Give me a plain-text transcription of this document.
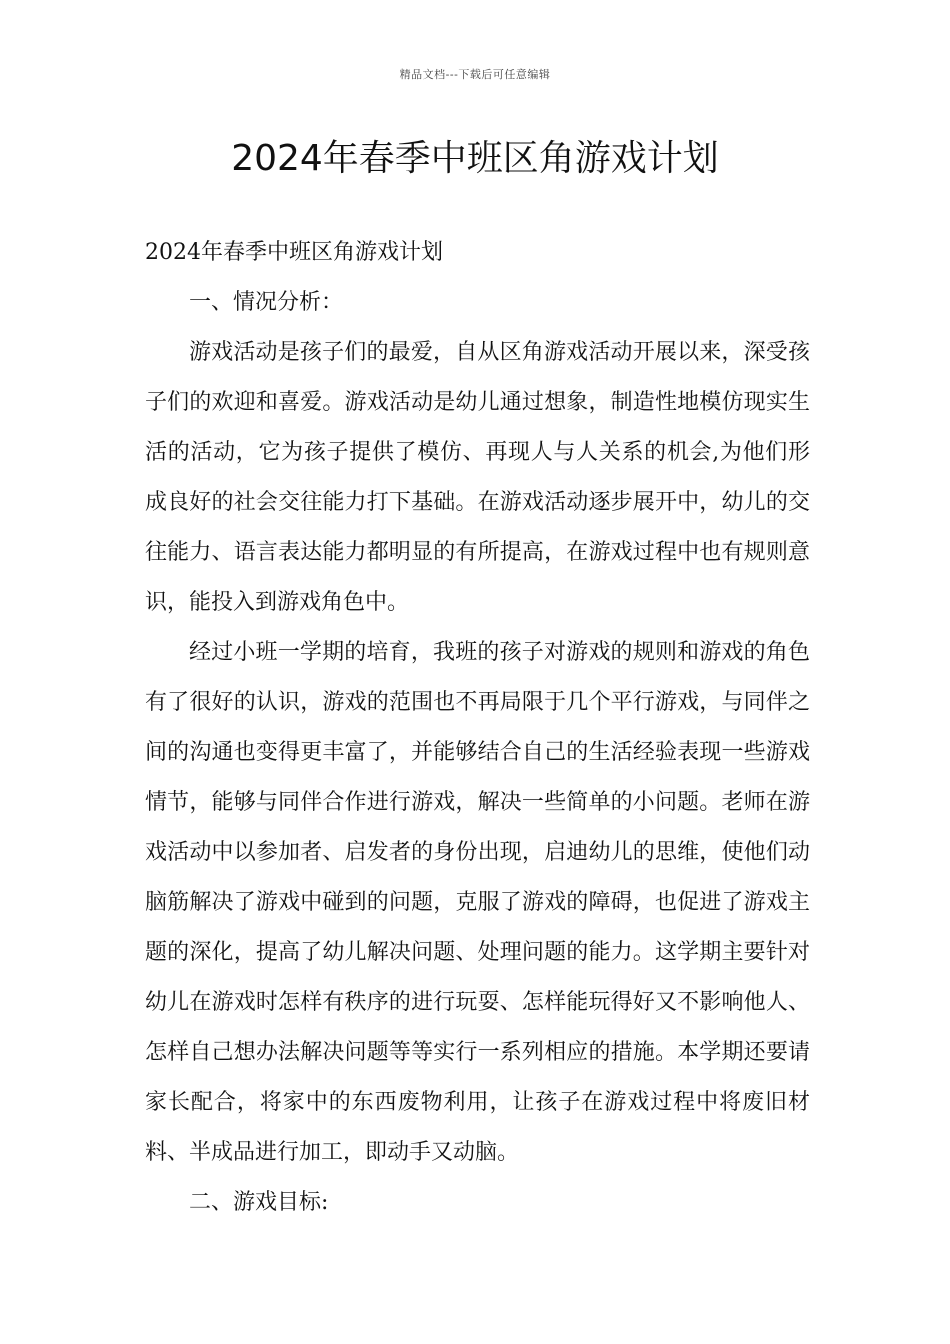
精品文档---下载后可任意编辑
2024年春季中班区角游戏计划

2024年春季中班区角游戏计划

一、情况分析：

游戏活动是孩子们的最爱，自从区角游戏活动开展以来，深受孩子们的欢迎和喜爱。游戏活动是幼儿通过想象，制造性地模仿现实生活的活动，它为孩子提供了模仿、再现人与人关系的机会,为他们形成良好的社会交往能力打下基础。在游戏活动逐步展开中，幼儿的交往能力、语言表达能力都明显的有所提高，在游戏过程中也有规则意识，能投入到游戏角色中。

经过小班一学期的培育，我班的孩子对游戏的规则和游戏的角色有了很好的认识，游戏的范围也不再局限于几个平行游戏，与同伴之间的沟通也变得更丰富了，并能够结合自己的生活经验表现一些游戏情节，能够与同伴合作进行游戏，解决一些简单的小问题。老师在游戏活动中以参加者、启发者的身份出现，启迪幼儿的思维，使他们动脑筋解决了游戏中碰到的问题，克服了游戏的障碍，也促进了游戏主题的深化，提高了幼儿解决问题、处理问题的能力。这学期主要针对幼儿在游戏时怎样有秩序的进行玩耍、怎样能玩得好又不影响他人、怎样自己想办法解决问题等等实行一系列相应的措施。本学期还要请家长配合，将家中的东西废物利用，让孩子在游戏过程中将废旧材料、半成品进行加工，即动手又动脑。

二、游戏目标:
